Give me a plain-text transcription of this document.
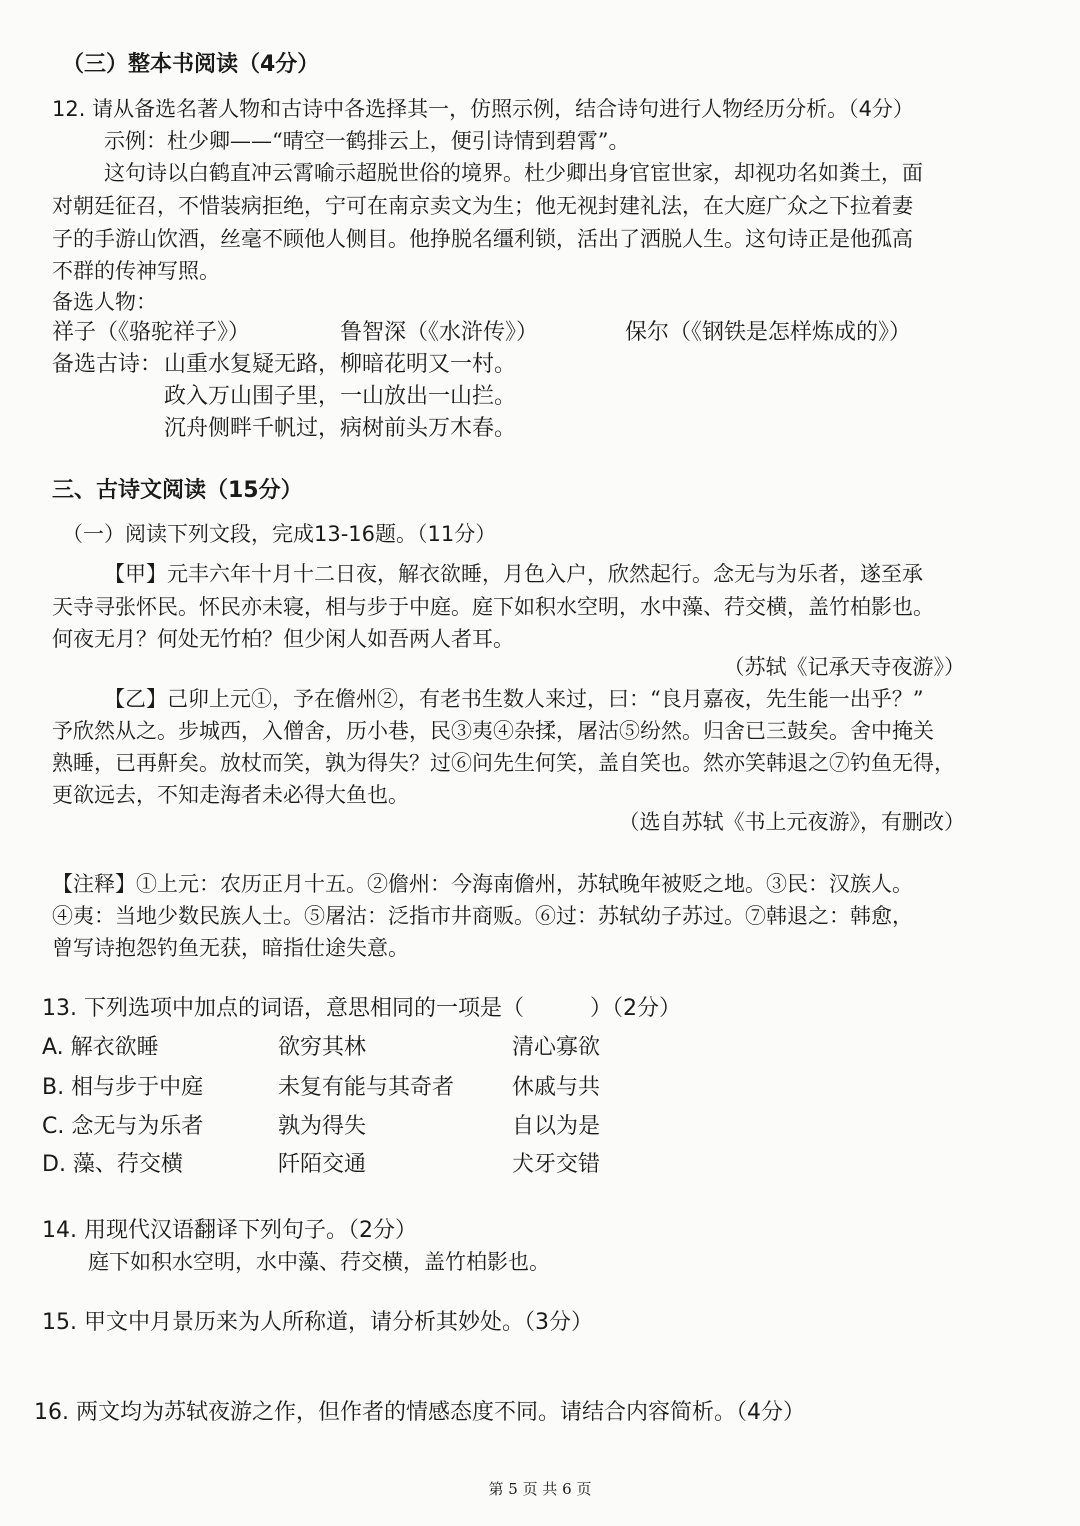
（三）整本书阅读（4分）
12. 请从备选名著人物和古诗中各选择其一，仿照示例，结合诗句进行人物经历分析。（4分）
示例：杜少卿——“晴空一鹤排云上，便引诗情到碧霄”。
这句诗以白鹤直冲云霄喻示超脱世俗的境界。杜少卿出身官宦世家，却视功名如粪土，面
对朝廷征召，不惜装病拒绝，宁可在南京卖文为生；他无视封建礼法，在大庭广众之下拉着妻
子的手游山饮酒，丝毫不顾他人侧目。他挣脱名缰利锁，活出了洒脱人生。这句诗正是他孤高
不群的传神写照。
备选人物：
祥子（《骆驼祥子》）	鲁智深（《水浒传》）	保尔（《钢铁是怎样炼成的》）
备选古诗： 山重水复疑无路，柳暗花明又一村。
政入万山围子里，一山放出一山拦。
沉舟侧畔千帆过，病树前头万木春。
三、古诗文阅读（15分）
（一）阅读下列文段，完成13-16题。（11分）
【甲】元丰六年十月十二日夜，解衣欲睡，月色入户，欣然起行。念无与为乐者，遂至承
天寺寻张怀民。怀民亦未寝，相与步于中庭。庭下如积水空明，水中藻、荇交横，盖竹柏影也。
何夜无月？何处无竹柏？但少闲人如吾两人者耳。
（苏轼《记承天寺夜游》）
【乙】己卯上元①，予在儋州②，有老书生数人来过，曰：“良月嘉夜，先生能一出乎？”
予欣然从之。步城西，入僧舍，历小巷，民③夷④杂揉，屠沽⑤纷然。归舍已三鼓矣。舍中掩关
熟睡，已再鼾矣。放杖而笑，孰为得失？过⑥问先生何笑，盖自笑也。然亦笑韩退之⑦钓鱼无得，
更欲远去，不知走海者未必得大鱼也。
（选自苏轼《书上元夜游》，有删改）
【注释】①上元：农历正月十五。②儋州：今海南儋州，苏轼晚年被贬之地。③民：汉族人。
④夷：当地少数民族人士。⑤屠沽：泛指市井商贩。⑥过：苏轼幼子苏过。⑦韩退之：韩愈，
曾写诗抱怨钓鱼无获，暗指仕途失意。
13. 下列选项中加点的词语，意思相同的一项是（　　　）（2分）
A. 解衣欲睡	欲穷其林	清心寡欲
B. 相与步于中庭	未复有能与其奇者	休戚与共
C. 念无与为乐者	孰为得失	自以为是
D. 藻、荇交横	阡陌交通	犬牙交错
14. 用现代汉语翻译下列句子。（2分）
庭下如积水空明，水中藻、荇交横，盖竹柏影也。
15. 甲文中月景历来为人所称道，请分析其妙处。（3分）
16. 两文均为苏轼夜游之作，但作者的情感态度不同。请结合内容简析。（4分）
第 5 页 共 6 页
